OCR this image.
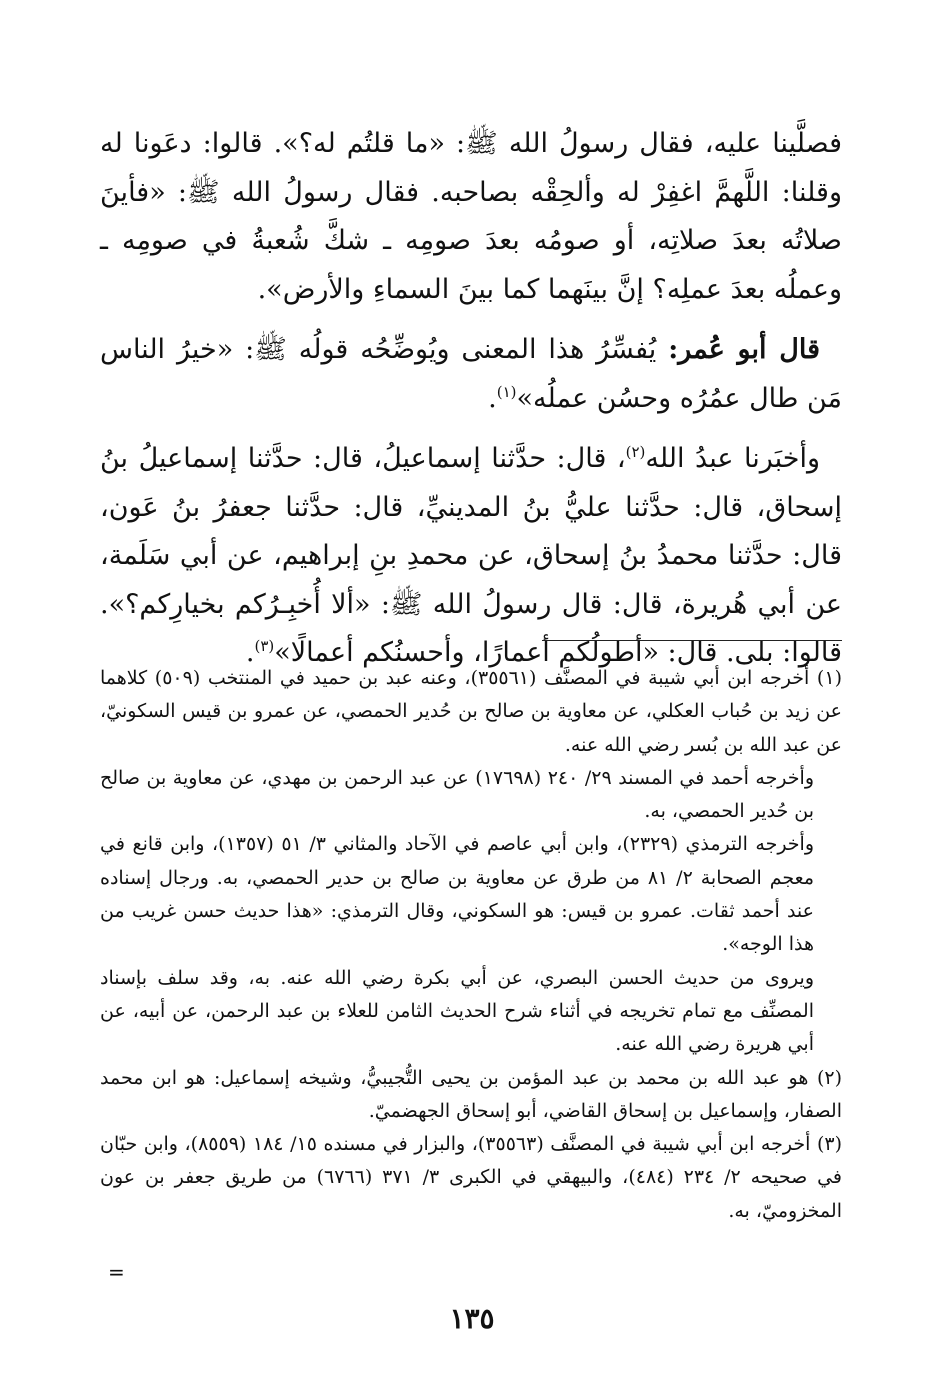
فصلَّينا عليه، فقال رسولُ الله ﷺ: «ما قلتُم له؟». قالوا: دعَونا له وقلنا: اللَّهمَّ اغفِرْ له وألحِقْه بصاحبه. فقال رسولُ الله ﷺ: «فأينَ صلاتُه بعدَ صلاتِه، أو صومُه بعدَ صومِه ـ شكَّ شُعبةُ في صومِه ـ وعملُه بعدَ عملِه؟ إنَّ بينَهما كما بينَ السماءِ والأرض».

قال أبو عُمر: يُفسِّرُ هذا المعنى ويُوضِّحُه قولُه ﷺ: «خيرُ الناس مَن طال عمُرُه وحسُن عملُه»$^{(١)}$.

وأخبَرنا عبدُ الله$^{(٢)}$، قال: حدَّثنا إسماعيلُ، قال: حدَّثنا إسماعيلُ بنُ إسحاق، قال: حدَّثنا عليُّ بنُ المدينيِّ، قال: حدَّثنا جعفرُ بنُ عَون، قال: حدَّثنا محمدُ بنُ إسحاق، عن محمدِ بنِ إبراهيم، عن أبي سَلَمة، عن أبي هُريرة، قال: قال رسولُ الله ﷺ: «ألا أُخبِـرُكم بخيارِكم؟». قالوا: بلى. قال: «أطولُكم أعمارًا، وأحسنُكم أعمالًا»$^{(٣)}$.

(١) أخرجه ابن أبي شيبة في المصنَّف (٣٥٥٦١)، وعنه عبد بن حميد في المنتخب (٥٠٩) كلاهما عن زيد بن حُباب العكلي، عن معاوية بن صالح بن حُدير الحمصي، عن عمرو بن قيس السكونيّ، عن عبد الله بن بُسر رضي الله عنه.

وأخرجه أحمد في المسند ٢٩/ ٢٤٠ (١٧٦٩٨) عن عبد الرحمن بن مهدي، عن معاوية بن صالح بن حُدير الحمصي، به.

وأخرجه الترمذي (٢٣٢٩)، وابن أبي عاصم في الآحاد والمثاني ٣/ ٥١ (١٣٥٧)، وابن قانع في معجم الصحابة ٢/ ٨١ من طرق عن معاوية بن صالح بن حدير الحمصي، به. ورجال إسناده عند أحمد ثقات. عمرو بن قيس: هو السكوني، وقال الترمذي: «هذا حديث حسن غريب من هذا الوجه».

ويروى من حديث الحسن البصري، عن أبي بكرة رضي الله عنه. به، وقد سلف بإسناد المصنِّف مع تمام تخريجه في أثناء شرح الحديث الثامن للعلاء بن عبد الرحمن، عن أبيه، عن أبي هريرة رضي الله عنه.

(٢) هو عبد الله بن محمد بن عبد المؤمن بن يحيى التُّجيبيُّ، وشيخه إسماعيل: هو ابن محمد الصفار، وإسماعيل بن إسحاق القاضي، أبو إسحاق الجهضميّ.

(٣) أخرجه ابن أبي شيبة في المصنَّف (٣٥٥٦٣)، والبزار في مسنده ١٥/ ١٨٤ (٨٥٥٩)، وابن حبّان في صحيحه ٢/ ٢٣٤ (٤٨٤)، والبيهقي في الكبرى ٣/ ٣٧١ (٦٧٦٦) من طريق جعفر بن عون المخزوميّ، به.

=
١٣٥
